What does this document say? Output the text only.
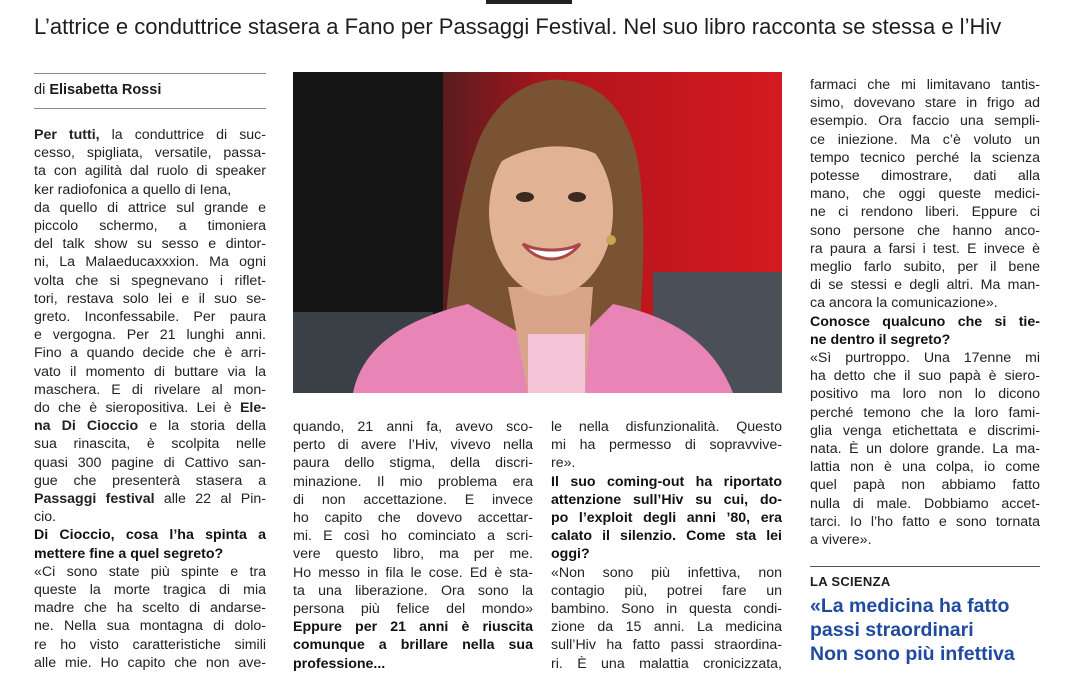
L’attrice e conduttrice stasera a Fano per Passaggi Festival. Nel suo libro racconta se stessa e l’Hiv
di Elisabetta Rossi

Per tutti, la conduttrice di suc-

cesso, spigliata, versatile, passa-

ta con agilità dal ruolo di speaker

ker radiofonica a quello di Iena,

da quello di attrice sul grande e

piccolo schermo, a timoniera

del talk show su sesso e dintor-

ni, La Malaeducaxxxion. Ma ogni

volta che si spegnevano i riflet-

tori, restava solo lei e il suo se-

greto. Inconfessabile. Per paura

e vergogna. Per 21 lunghi anni.

Fino a quando decide che è arri-

vato il momento di buttare via la

maschera. E di rivelare al mon-

do che è sieropositiva. Lei è Ele-

na Di Cioccio e la storia della

sua rinascita, è scolpita nelle

quasi 300 pagine di Cattivo san-

gue che presenterà stasera a

Passaggi festival alle 22 al Pin-

cio.

Di Cioccio, cosa l’ha spinta a

mettere fine a quel segreto?

«Ci sono state più spinte e tra

queste la morte tragica di mia

madre che ha scelto di andarse-

ne. Nella sua montagna di dolo-

re ho visto caratteristiche simili

alle mie. Ho capito che non ave-

quando, 21 anni fa, avevo sco-

perto di avere l’Hiv, vivevo nella

paura dello stigma, della discri-

minazione. Il mio problema era

di non accettazione. E invece

ho capito che dovevo accettar-

mi. E così ho cominciato a scri-

vere questo libro, ma per me.

Ho messo in fila le cose. Ed è sta-

ta una liberazione. Ora sono la

persona più felice del mondo»

Eppure per 21 anni è riuscita

comunque a brillare nella sua

professione...

le nella disfunzionalità. Questo

mi ha permesso di sopravvive-

re».

Il suo coming-out ha riportato

attenzione sull’Hiv su cui, do-

po l’exploit degli anni ’80, era

calato il silenzio. Come sta lei

oggi?

«Non sono più infettiva, non

contagio più, potrei fare un

bambino. Sono in questa condi-

zione da 15 anni. La medicina

sull’Hiv ha fatto passi straordina-

ri. È una malattia cronicizzata,

farmaci che mi limitavano tantis-

simo, dovevano stare in frigo ad

esempio. Ora faccio una sempli-

ce iniezione. Ma c’è voluto un

tempo tecnico perché la scienza

potesse dimostrare, dati alla

mano, che oggi queste medici-

ne ci rendono liberi. Eppure ci

sono persone che hanno anco-

ra paura a farsi i test. E invece è

meglio farlo subito, per il bene

di se stessi e degli altri. Ma man-

ca ancora la comunicazione».

Conosce qualcuno che si tie-

ne dentro il segreto?

«Sì purtroppo. Una 17enne mi

ha detto che il suo papà è siero-

positivo ma loro non lo dicono

perché temono che la loro fami-

glia venga etichettata e discrimi-

nata. È un dolore grande. La ma-

lattia non è una colpa, io come

quel papà non abbiamo fatto

nulla di male. Dobbiamo accet-

tarci. Io l’ho fatto e sono tornata

a vivere».

LA SCIENZA

«La medicina ha fatto

passi straordinari

Non sono più infettiva
